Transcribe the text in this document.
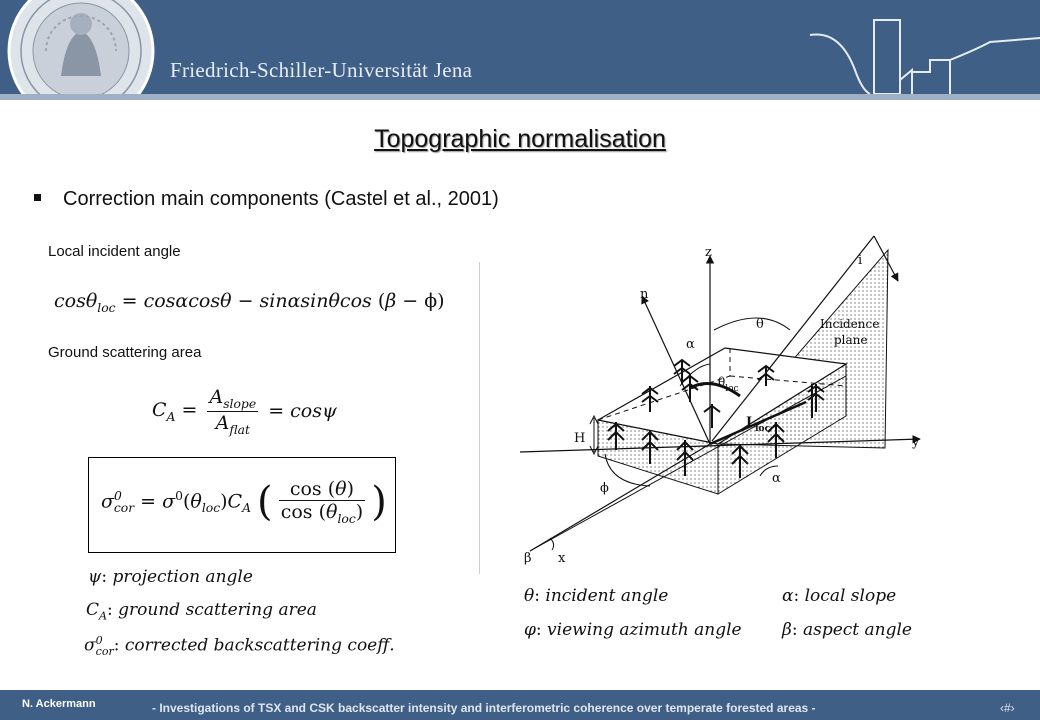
Friedrich-Schiller-Universität Jena
Topographic normalisation
Correction main components (Castel et al., 2001)
Local incident angle
cosθ$_{loc}$ = cosαcosθ − sinαsinθcos (β − ϕ)
Ground scattering area
$C_A$ =
$A_{slope}$
$A_{flat}$
= cosψ
$\sigma^0_{cor} = \sigma^0(\theta_{loc})C_A$ ( cos (θ)
$\cos (\theta_{loc})$ )
ψ: projection angle
$C_A$: ground scattering area
$\sigma^0_{cor}$: corrected backscattering coeff.
z
y
x
i
n
α
θ
$\theta_{loc}$
$L_{loc}$
H
ϕ
β
α
Incidence
plane
θ: incident angle	α: local slope
φ: viewing azimuth angle β: aspect angle
N. Ackermann	- Investigations of TSX and CSK backscatter intensity and interferometric coherence over temperate forested areas -	‹#›
